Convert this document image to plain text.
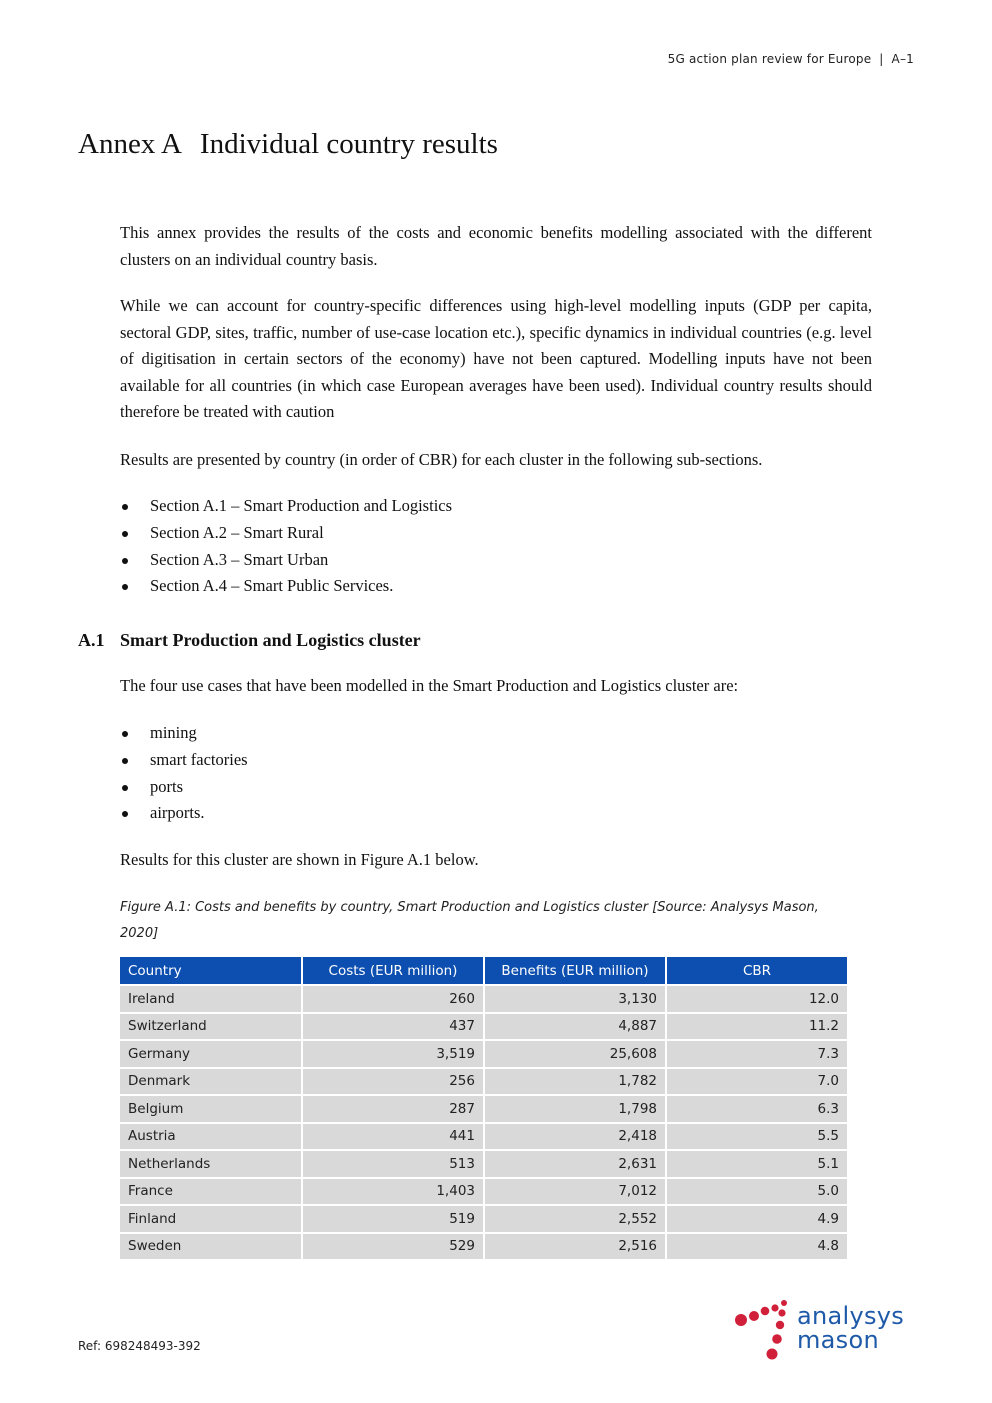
5G action plan review for Europe | A–1
Annex A Individual country results

This annex provides the results of the costs and economic benefits modelling associated with the different clusters on an individual country basis.

While we can account for country-specific differences using high-level modelling inputs (GDP per capita, sectoral GDP, sites, traffic, number of use-case location etc.), specific dynamics in individual countries (e.g. level of digitisation in certain sectors of the economy) have not been captured. Modelling inputs have not been available for all countries (in which case European averages have been used). Individual country results should therefore be treated with caution

Results are presented by country (in order of CBR) for each cluster in the following sub-sections.

Section A.1 – Smart Production and Logistics
Section A.2 – Smart Rural
Section A.3 – Smart Urban
Section A.4 – Smart Public Services.
A.1 Smart Production and Logistics cluster

The four use cases that have been modelled in the Smart Production and Logistics cluster are:

mining
smart factories
ports
airports.

Results for this cluster are shown in Figure A.1 below.

Figure A.1: Costs and benefits by country, Smart Production and Logistics cluster [Source: Analysys Mason, 2020]

Country	Costs (EUR million)	Benefits (EUR million)	CBR
Ireland	260	3,130	12.0
Switzerland	437	4,887	11.2
Germany	3,519	25,608	7.3
Denmark	256	1,782	7.0
Belgium	287	1,798	6.3
Austria	441	2,418	5.5
Netherlands	513	2,631	5.1
France	1,403	7,012	5.0
Finland	519	2,552	4.9
Sweden	529	2,516	4.8
Ref: 698248493-392
analysys
mason
